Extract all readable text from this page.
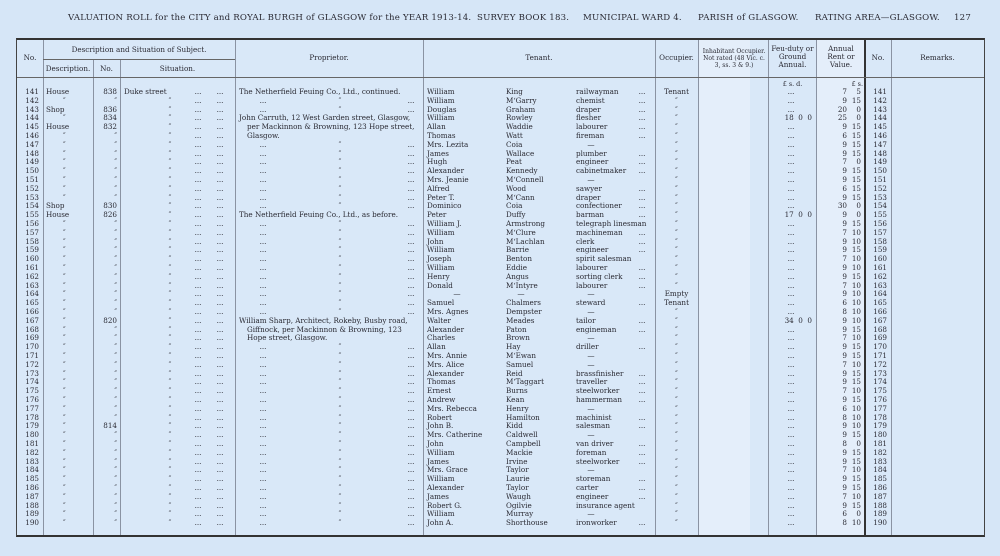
VALUATION ROLL for the CITY and ROYAL BURGH of GLASGOW for the YEAR 1913-14. SURVEY BOOK 183. MUNICIPAL WARD 4. PARISH of GLASGOW. RATING AREA—GLASGOW. 127
No.
Description and Situation of Subject.
Description.	No.	Situation.
Proprietor.	Tenant.	Occupier.
Inhabitant Occupier. Not rated (48 Vic. c. 3, ss. 3 & 9.)
Feu-duty or Ground Annual.
Annual Rent or Value.
No.	Remarks.
£ s. d.	£ s.
141 House	838 Duke street	...	...	The Netherfield Feuing Co., Ltd., continued.	William	King	railwayman	...	Tenant	...	7	5	141
142	″	″	″	...	...	...	″	...	William	M‘Garry	chemist	...	″	...	9 15	142
143 Shop	836	″	...	...	...	″	...	Douglas	Graham	draper	...	″	...	20	0	143
144	″	834	″	...	...	John Carruth, 12 West Garden street, Glasgow, per Mackinnon & Browning, 123 Hope street, Glasgow.
William	Rowley	flesher	...	″	18  0  0	25	0	144
145 House	832	″	...	...	Allan	Waddie	labourer	...	″	...	9 15	145
146	″	″	″	...	...	Thomas	Watt	fireman	...	″	...	6 15	146
147	″	″	″	...	...	...	″	...	Mrs. Lezita	Coia	—	″	...	9 15	147
148	″	″	″	...	...	...	″	...	James	Wallace	plumber	...	″	...	9 15	148
149	″	″	″	...	...	...	″	...	Hugh	Peat	engineer	...	″	...	7	0	149
150	″	″	″	...	...	...	″	...	Alexander	Kennedy	cabinetmaker	...	″	...	9 15	150
151	″	″	″	...	...	...	″	...	Mrs. Jeanie	M‘Connell	—	″	...	9 15	151
152	″	″	″	...	...	...	″	...	Alfred	Wood	sawyer	...	″	...	6 15	152
153	″	″	″	...	...	...	″	...	Peter T.	M‘Cann	draper	...	″	...	9 15	153
154 Shop	830	″	...	...	...	″	...	Dominico	Coia	confectioner	...	″	...	30	0	154
155 House	826	″	...	...	The Netherfield Feuing Co., Ltd., as before.	Peter	Duffy	barman	...	″	17  0  0	9	0	155
156	″	″	″	...	...	...	″	...	William J.	Armstrong	telegraph linesman	″	...	9 15	156
157	″	″	″	...	...	...	″	...	William	M‘Clure	machineman	...	″	...	7 10	157
158	″	″	″	...	...	...	″	...	John	M‘Lachlan	clerk	...	″	...	9 10	158
159	″	″	″	...	...	...	″	...	William	Barrie	engineer	...	″	...	9 15	159
160	″	″	″	...	...	...	″	...	Joseph	Benton	spirit salesman	″	...	7 10	160
161	″	″	″	...	...	...	″	...	William	Eddie	labourer	...	″	...	9 10	161
162	″	″	″	...	...	...	″	...	Henry	Angus	sorting clerk	...	″	...	9 15	162
163	″	″	″	...	...	...	″	...	Donald	M‘Intyre	labourer	...	″	...	7 10	163
164	″	″	″	...	...	...	″	...	—	—	—	Empty	...	9 10	164
165	″	″	″	...	...	...	″	...	Samuel	Chalmers	steward	...	Tenant	...	6 10	165
166	″	″	″	...	...	...	″	...	Mrs. Agnes	Dempster	—	″	...	8 10	166
167	″	820	″	...	...	William Sharp, Architect, Rokeby, Busby road, Giffnock, per Mackinnon & Browning, 123 Hope street, Glasgow.
Walter	Meades	tailor	...	″	34  0  0	9 10	167
168	″	″	″	...	...	Alexander	Paton	engineman	...	″	...	9 15	168
169	″	″	″	...	...	Charles	Brown	—	″	...	7 10	169
170	″	″	″	...	...	...	″	...	Allan	Hay	driller	...	″	...	9 15	170
171	″	″	″	...	...	...	″	...	Mrs. Annie	M‘Ewan	—	″	...	9 15	171
172	″	″	″	...	...	...	″	...	Mrs. Alice	Samuel	—	″	...	7 10	172
173	″	″	″	...	...	...	″	...	Alexander	Reid	brassfinisher	...	″	...	9 15	173
174	″	″	″	...	...	...	″	...	Thomas	M‘Taggart	traveller	...	″	...	9 15	174
175	″	″	″	...	...	...	″	...	Ernest	Burns	steelworker	...	″	...	7 10	175
176	″	″	″	...	...	...	″	...	Andrew	Kean	hammerman	...	″	...	9 15	176
177	″	″	″	...	...	...	″	...	Mrs. Rebecca	Henry	—	″	...	6 10	177
178	″	″	″	...	...	...	″	...	Robert	Hamilton	machinist	...	″	...	8 10	178
179	″	814	″	...	...	...	″	...	John B.	Kidd	salesman	...	″	...	9 10	179
180	″	″	″	...	...	...	″	...	Mrs. Catherine	Caldwell	—	″	...	9 15	180
181	″	″	″	...	...	...	″	...	John	Campbell	van driver	...	″	...	8	0	181
182	″	″	″	...	...	...	″	...	William	Mackie	foreman	...	″	...	9 15	182
183	″	″	″	...	...	...	″	...	James	Irvine	steelworker	...	″	...	9 15	183
184	″	″	″	...	...	...	″	...	Mrs. Grace	Taylor	—	″	...	7 10	184
185	″	″	″	...	...	...	″	...	William	Laurie	storeman	...	″	...	9 15	185
186	″	″	″	...	...	...	″	...	Alexander	Taylor	carter	...	″	...	9 15	186
187	″	″	″	...	...	...	″	...	James	Waugh	engineer	...	″	...	7 10	187
188	″	″	″	...	...	...	″	...	Robert G.	Ogilvie	insurance agent	″	...	9 15	188
189	″	″	″	...	...	...	″	...	William	Murray	—	″	...	6	0	189
190	″	″	″	...	...	...	″	...	John A.	Shorthouse	ironworker	...	″	...	8 10	190
